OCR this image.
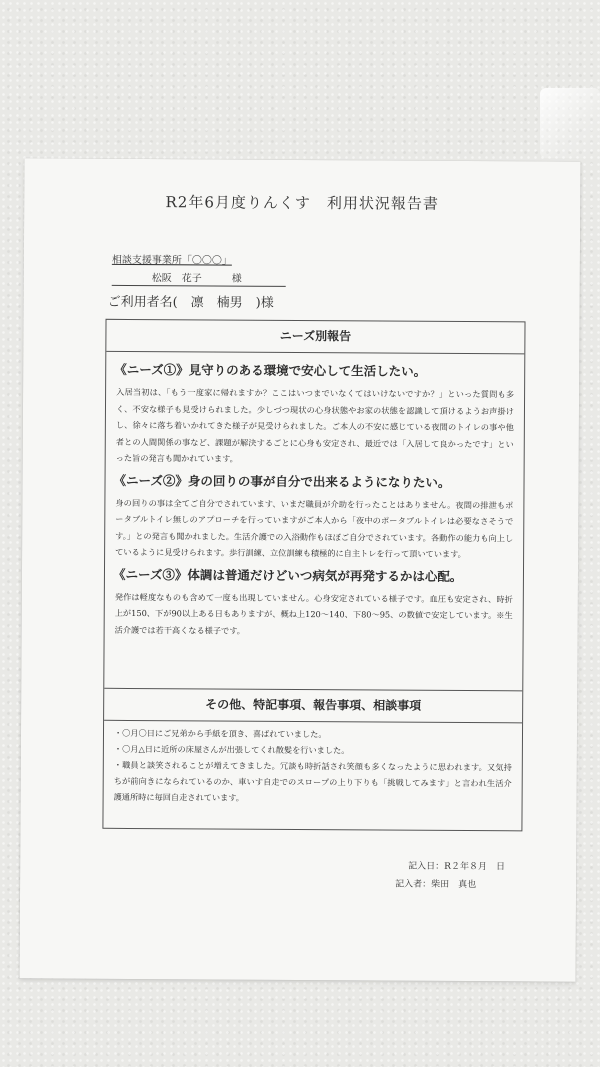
R2年6月度りんくす　利用状況報告書
相談支援事業所「〇〇〇」
松阪　花子　　　様
ご利用者名(　凛　楠男　)様
ニーズ別報告
《ニーズ①》見守りのある環境で安心して生活したい。

入居当初は、「もう一度家に帰れますか？ここはいつまでいなくてはいけないですか？」といった質問も多く、不安な様子も見受けられました。少しづつ現状の心身状態やお家の状態を認識して頂けるようお声掛けし、徐々に落ち着いかれてきた様子が見受けられました。ご本人の不安に感じている夜間のトイレの事や他者との人間関係の事など、課題が解決するごとに心身も安定され、最近では「入居して良かったです」といった旨の発言も聞かれています。

《ニーズ②》身の回りの事が自分で出来るようになりたい。

身の回りの事は全てご自分でされています、いまだ職員が介助を行ったことはありません。夜間の排泄もポータブルトイレ無しのアプローチを行っていますがご本人から「夜中のポータブルトイレは必要なさそうです。」との発言も聞かれました。生活介護での入浴動作もほぼご自分でされています。各動作の能力も向上しているように見受けられます。歩行訓練、立位訓練も積極的に自主トレを行って頂いています。

《ニーズ③》体調は普通だけどいつ病気が再発するかは心配。

発作は軽度なものも含めて一度も出現していません。心身安定されている様子です。血圧も安定され、時折上が150、下が90以上ある日もありますが、概ね上120～140、下80～95、の数値で安定しています。※生活介護では若干高くなる様子です。

その他、特記事項、報告事項、相談事項

・〇月〇日にご兄弟から手紙を頂き、喜ばれていました。

・〇月△日に近所の床屋さんが出張してくれ散髪を行いました。

・職員と談笑されることが増えてきました。冗談も時折話され笑顔も多くなったように思われます。又気持ちが前向きになられているのか、車いす自走でのスロープの上り下りも「挑戦してみます」と言われ生活介護通所時に毎回自走されています。

記入日：R２年８月　日
記入者：柴田　真也
